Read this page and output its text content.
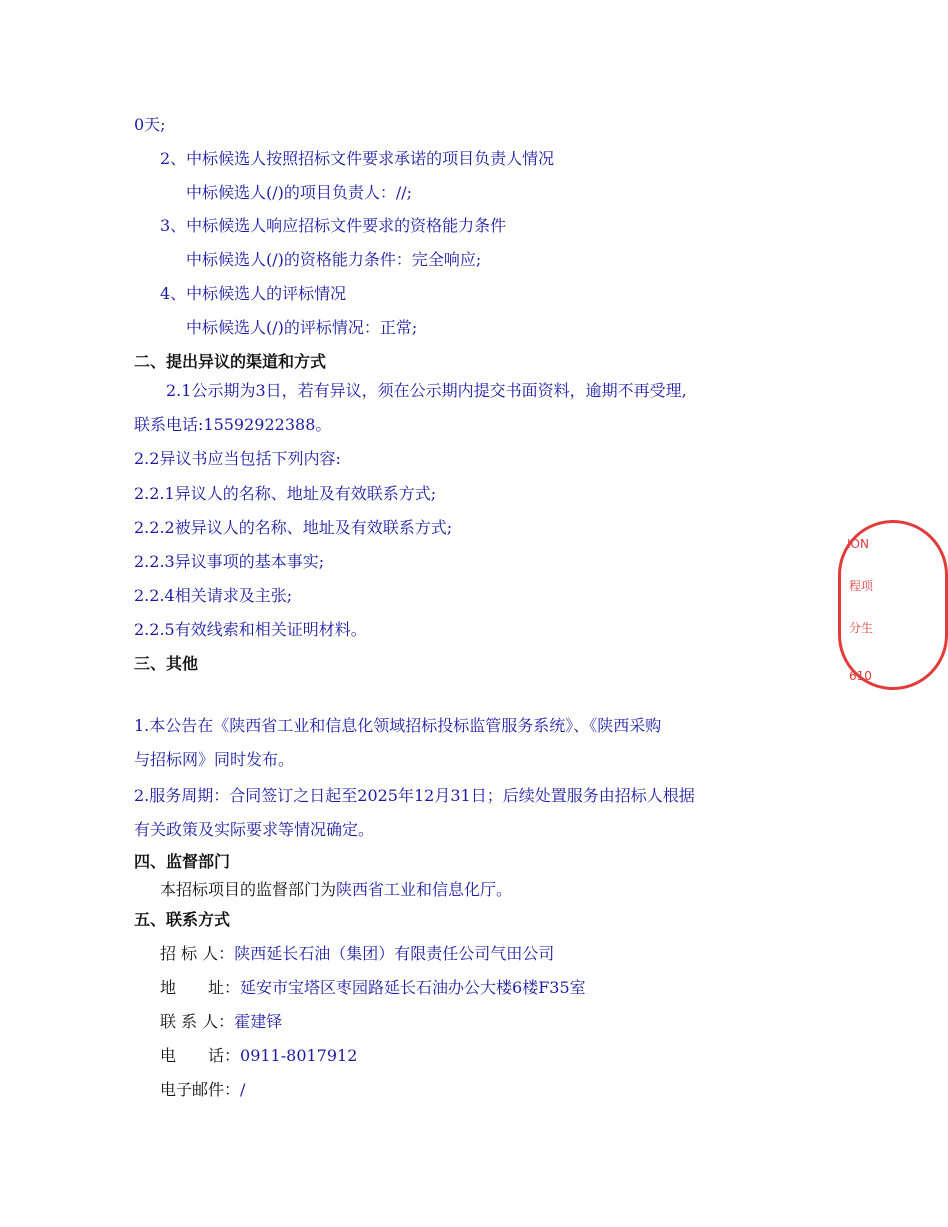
0天;
2、中标候选人按照招标文件要求承诺的项目负责人情况
中标候选人(/)的项目负责人：//;
3、中标候选人响应招标文件要求的资格能力条件
中标候选人(/)的资格能力条件：完全响应;
4、中标候选人的评标情况
中标候选人(/)的评标情况：正常;
二、提出异议的渠道和方式
2.1公示期为3日，若有异议，须在公示期内提交书面资料，逾期不再受理,
联系电话:15592922388。
2.2异议书应当包括下列内容:
2.2.1异议人的名称、地址及有效联系方式;
2.2.2被异议人的名称、地址及有效联系方式;
2.2.3异议事项的基本事实;
2.2.4相关请求及主张;
2.2.5有效线索和相关证明材料。
三、其他
1.本公告在《陕西省工业和信息化领域招标投标监管服务系统》、《陕西采购
与招标网》同时发布。
2.服务周期：合同签订之日起至2025年12月31日；后续处置服务由招标人根据
有关政策及实际要求等情况确定。
四、监督部门
本招标项目的监督部门为陕西省工业和信息化厅。
五、联系方式
招 标 人：陕西延长石油（集团）有限责任公司气田公司
地　　址：延安市宝塔区枣园路延长石油办公大楼6楼F35室
联 系 人：霍建铎
电　　话：0911-8017912
电子邮件：/
ION
程项
分生
610
